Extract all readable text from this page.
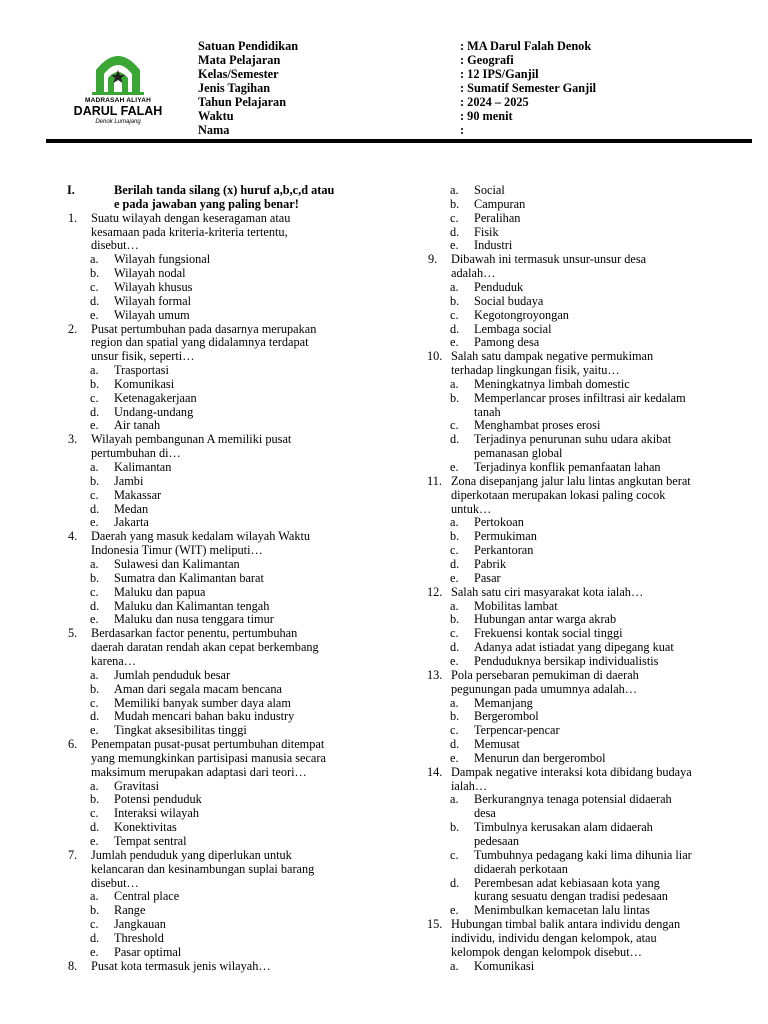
MADRASAH ALIYAH
DARUL FALAH
Denok Lumajang
Satuan Pendidikan	: MA Darul Falah Denok
Mata Pelajaran	: Geografi
Kelas/Semester	: 12 IPS/Ganjil
Jenis Tagihan	: Sumatif Semester Ganjil
Tahun Pelajaran	: 2024 – 2025
Waktu	: 90 menit
Nama	:
I.	Berilah tanda silang (x) huruf a,b,c,d atau
e pada jawaban yang paling benar!
1. Suatu wilayah dengan keseragaman atau
kesamaan pada kriteria-kriteria tertentu,
disebut…
a. Wilayah fungsional
b. Wilayah nodal
c. Wilayah khusus
d. Wilayah formal
e. Wilayah umum
2. Pusat pertumbuhan pada dasarnya merupakan
region dan spatial yang didalamnya terdapat
unsur fisik, seperti…
a. Trasportasi
b. Komunikasi
c. Ketenagakerjaan
d. Undang-undang
e. Air tanah
3. Wilayah pembangunan A memiliki pusat
pertumbuhan di…
a. Kalimantan
b. Jambi
c. Makassar
d. Medan
e. Jakarta
4. Daerah yang masuk kedalam wilayah Waktu
Indonesia Timur (WIT) meliputi…
a. Sulawesi dan Kalimantan
b. Sumatra dan Kalimantan barat
c. Maluku dan papua
d. Maluku dan Kalimantan tengah
e. Maluku dan nusa tenggara timur
5. Berdasarkan factor penentu, pertumbuhan
daerah daratan rendah akan cepat berkembang
karena…
a. Jumlah penduduk besar
b. Aman dari segala macam bencana
c. Memiliki banyak sumber daya alam
d. Mudah mencari bahan baku industry
e. Tingkat aksesibilitas tinggi
6. Penempatan pusat-pusat pertumbuhan ditempat
yang memungkinkan partisipasi manusia secara
maksimum merupakan adaptasi dari teori…
a. Gravitasi
b. Potensi penduduk
c. Interaksi wilayah
d. Konektivitas
e. Tempat sentral
7. Jumlah penduduk yang diperlukan untuk
kelancaran dan kesinambungan suplai barang
disebut…
a. Central place
b. Range
c. Jangkauan
d. Threshold
e. Pasar optimal
8. Pusat kota termasuk jenis wilayah…
a. Social
b. Campuran
c. Peralihan
d. Fisik
e. Industri
9. Dibawah ini termasuk unsur-unsur desa
adalah…
a. Penduduk
b. Social budaya
c. Kegotongroyongan
d. Lembaga social
e. Pamong desa
10. Salah satu dampak negative permukiman
terhadap lingkungan fisik, yaitu…
a. Meningkatnya limbah domestic
b. Memperlancar proses infiltrasi air kedalam
tanah
c. Menghambat proses erosi
d. Terjadinya penurunan suhu udara akibat
pemanasan global
e. Terjadinya konflik pemanfaatan lahan
11. Zona disepanjang jalur lalu lintas angkutan berat
diperkotaan merupakan lokasi paling cocok
untuk…
a. Pertokoan
b. Permukiman
c. Perkantoran
d. Pabrik
e. Pasar
12. Salah satu ciri masyarakat kota ialah…
a. Mobilitas lambat
b. Hubungan antar warga akrab
c. Frekuensi kontak social tinggi
d. Adanya adat istiadat yang dipegang kuat
e. Penduduknya bersikap individualistis
13. Pola persebaran pemukiman di daerah
pegunungan pada umumnya adalah…
a. Memanjang
b. Bergerombol
c. Terpencar-pencar
d. Memusat
e. Menurun dan bergerombol
14. Dampak negative interaksi kota dibidang budaya
ialah…
a. Berkurangnya tenaga potensial didaerah
desa
b. Timbulnya kerusakan alam didaerah
pedesaan
c. Tumbuhnya pedagang kaki lima dihunia liar
didaerah perkotaan
d. Perembesan adat kebiasaan kota yang
kurang sesuatu dengan tradisi pedesaan
e. Menimbulkan kemacetan lalu lintas
15. Hubungan timbal balik antara individu dengan
individu, individu dengan kelompok, atau
kelompok dengan kelompok disebut…
a. Komunikasi
